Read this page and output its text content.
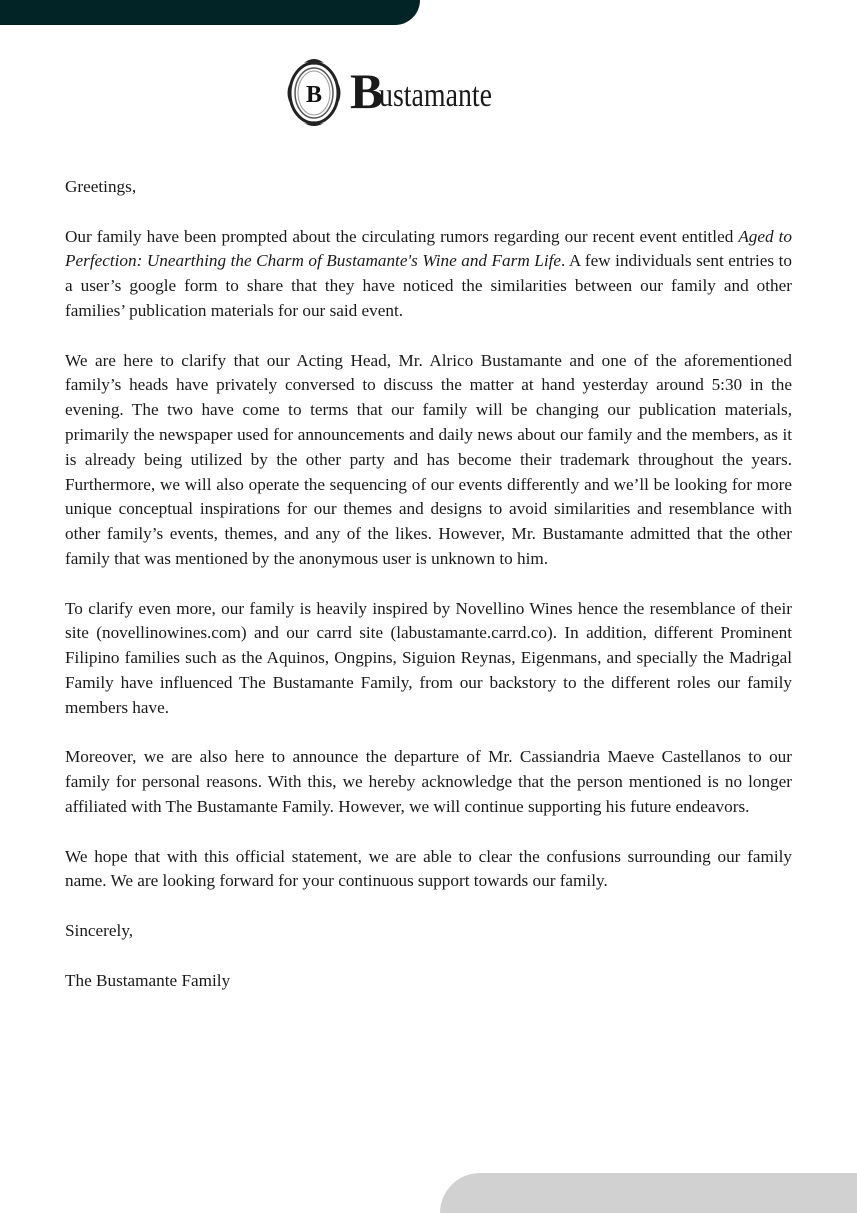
B B
ustamante

Greetings,

Our family have been prompted about the circulating rumors regarding our recent event entitled Aged to Perfection: Unearthing the Charm of Bustamante's Wine and Farm Life. A few individuals sent entries to a user’s google form to share that they have noticed the similarities between our family and other families’ publication materials for our said event.

We are here to clarify that our Acting Head, Mr. Alrico Bustamante and one of the aforementioned family’s heads have privately conversed to discuss the matter at hand yesterday around 5:30 in the evening. The two have come to terms that our family will be changing our publication materials, primarily the newspaper used for announcements and daily news about our family and the members, as it is already being utilized by the other party and has become their trademark throughout the years. Furthermore, we will also operate the sequencing of our events differently and we’ll be looking for more unique conceptual inspirations for our themes and designs to avoid similarities and resemblance with other family’s events, themes, and any of the likes. However, Mr. Bustamante admitted that the other family that was mentioned by the anonymous user is unknown to him.

To clarify even more, our family is heavily inspired by Novellino Wines hence the resemblance of their site (novellinowines.com) and our carrd site (labustamante.carrd.co). In addition, different Prominent Filipino families such as the Aquinos, Ongpins, Siguion Reynas, Eigenmans, and specially the Madrigal Family have influenced The Bustamante Family, from our backstory to the different roles our family members have.

Moreover, we are also here to announce the departure of Mr. Cassiandria Maeve Castellanos to our family for personal reasons. With this, we hereby acknowledge that the person mentioned is no longer affiliated with The Bustamante Family. However, we will continue supporting his future endeavors.

We hope that with this official statement, we are able to clear the confusions surrounding our family name. We are looking forward for your continuous support towards our family.

Sincerely,

The Bustamante Family
